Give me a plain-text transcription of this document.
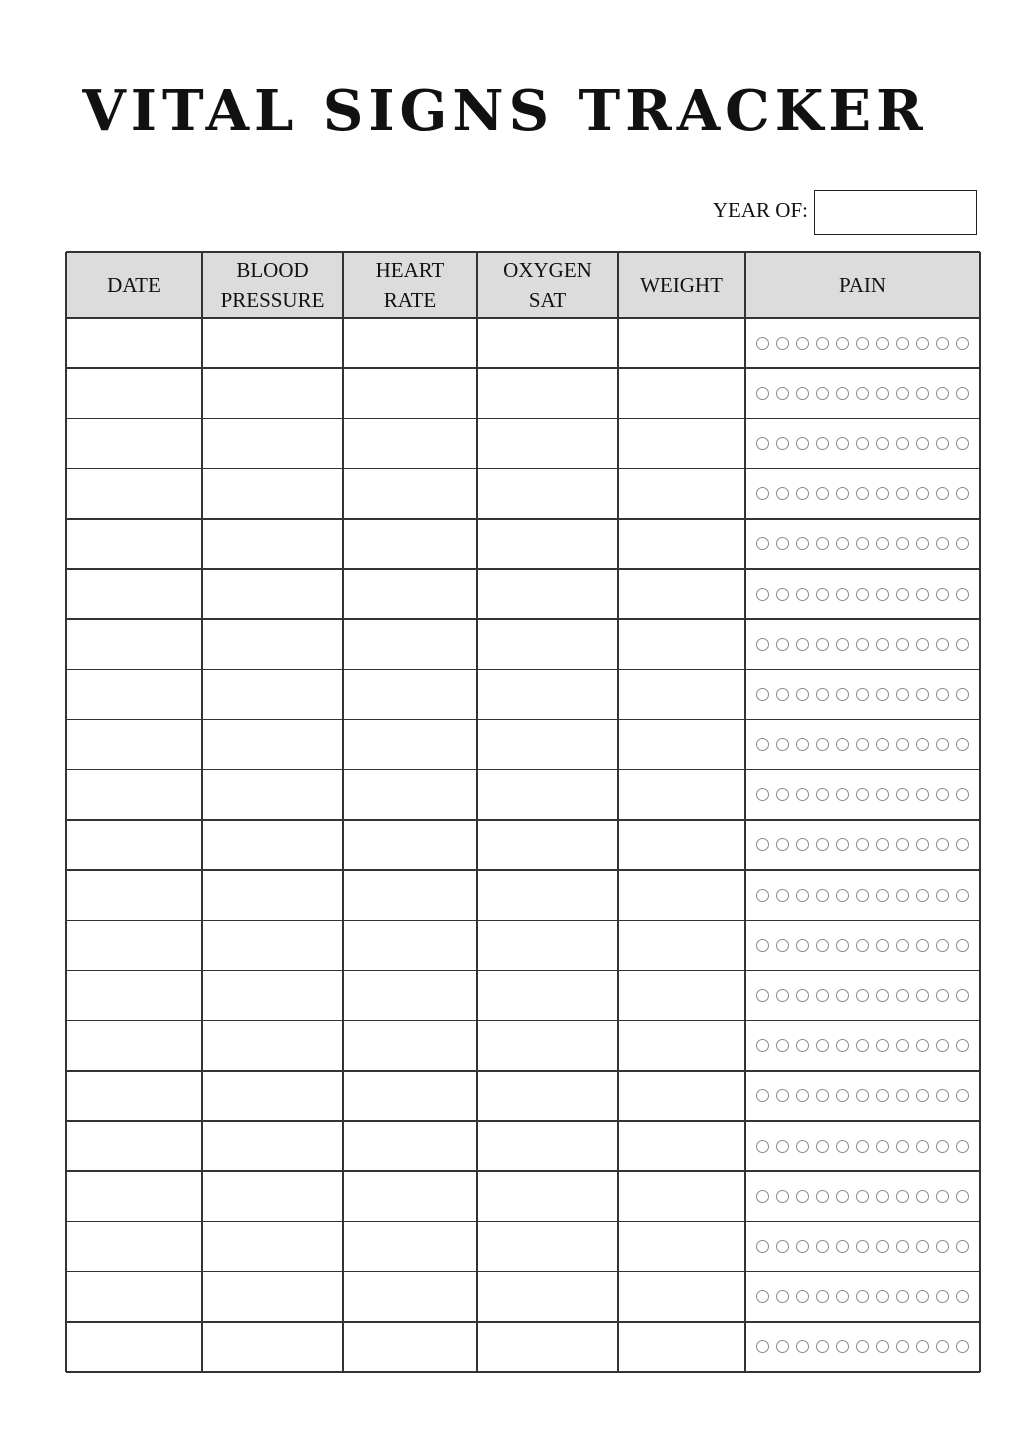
VITAL SIGNS TRACKER
YEAR OF:
DATE
BLOOD
PRESSURE
HEART
RATE
OXYGEN
SAT
WEIGHT	PAIN
